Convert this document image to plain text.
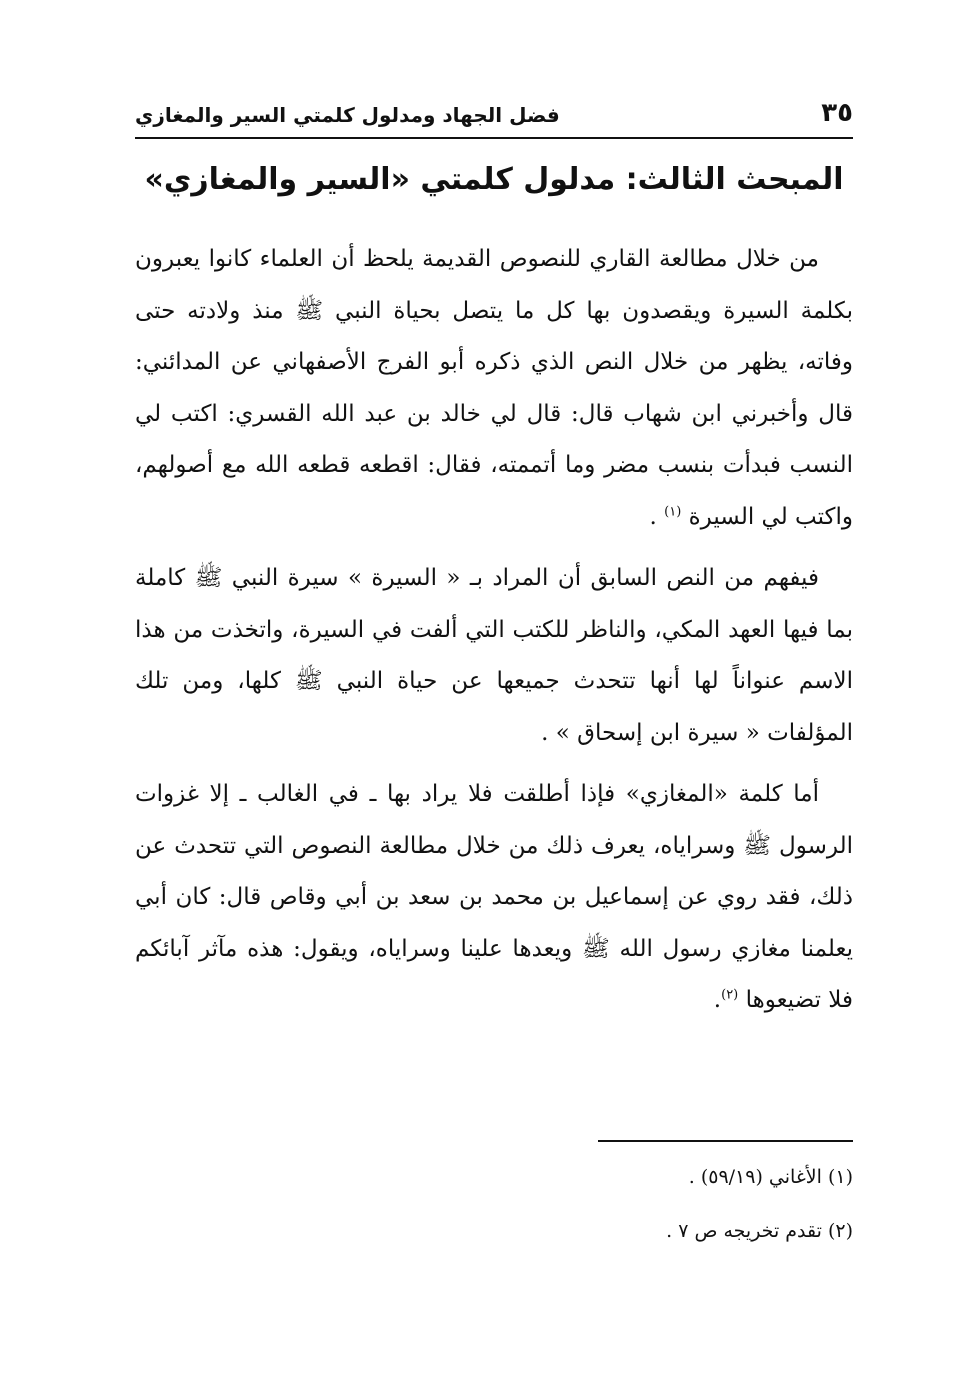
٣٥
فضل الجهاد ومدلول كلمتي السير والمغازي
المبحث الثالث: مدلول كلمتي «السير والمغازي»

من خلال مطالعة القاري للنصوص القديمة يلحظ أن العلماء كانوا يعبرون بكلمة السيرة ويقصدون بها كل ما يتصل بحياة النبي ﷺ منذ ولادته حتى وفاته، يظهر من خلال النص الذي ذكره أبو الفرج الأصفهاني عن المدائني: قال وأخبرني ابن شهاب قال: قال لي خالد بن عبد الله القسري: اكتب لي النسب فبدأت بنسب مضر وما أتممته، فقال: اقطعه قطعه الله مع أصولهم، واكتب لي السيرة $^{(١)}$ .

فيفهم من النص السابق أن المراد بـ « السيرة » سيرة النبي ﷺ كاملة بما فيها العهد المكي، والناظر للكتب التي ألفت في السيرة، واتخذت من هذا الاسم عنواناً لها أنها تتحدث جميعها عن حياة النبي ﷺ كلها، ومن تلك المؤلفات « سيرة ابن إسحاق » .

أما كلمة «المغازي» فإذا أطلقت فلا يراد بها ـ في الغالب ـ إلا غزوات الرسول ﷺ وسراياه، يعرف ذلك من خلال مطالعة النصوص التي تتحدث عن ذلك، فقد روي عن إسماعيل بن محمد بن سعد بن أبي وقاص قال: كان أبي يعلمنا مغازي رسول الله ﷺ ويعدها علينا وسراياه، ويقول: هذه مآثر آبائكم فلا تضيعوها $^{(٢)}$.

(١) الأغاني (٥٩/١٩) .

(٢) تقدم تخريجه ص ٧ .
